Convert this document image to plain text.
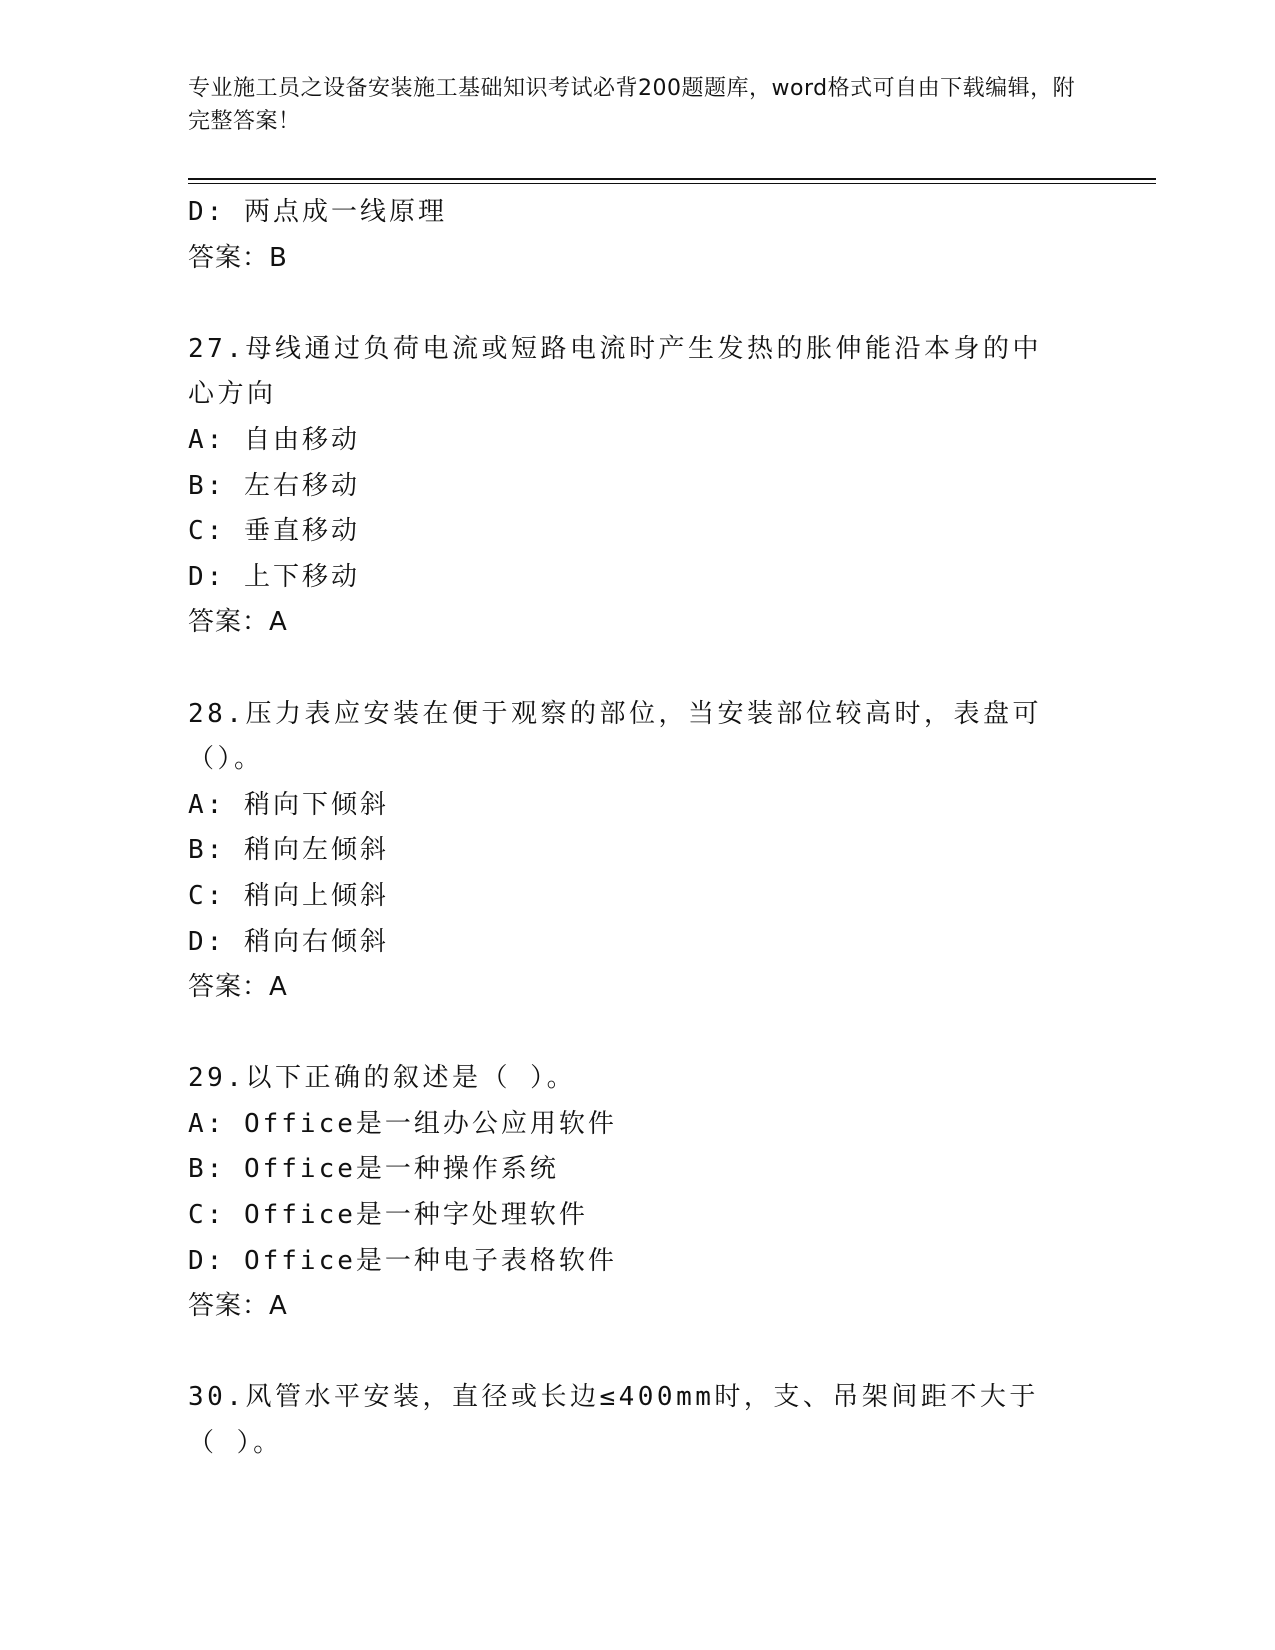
专业施工员之设备安装施工基础知识考试必背200题题库，word格式可自由下载编辑，附完整答案！
D: 两点成一线原理
答案：B
27.母线通过负荷电流或短路电流时产生发热的胀伸能沿本身的中心方向
A: 自由移动
B: 左右移动
C: 垂直移动
D: 上下移动
答案：A
28.压力表应安装在便于观察的部位，当安装部位较高时，表盘可（）。
A: 稍向下倾斜
B: 稍向左倾斜
C: 稍向上倾斜
D: 稍向右倾斜
答案：A
29.以下正确的叙述是（ ）。
A: Office是一组办公应用软件
B: Office是一种操作系统
C: Office是一种字处理软件
D: Office是一种电子表格软件
答案：A
30.风管水平安装，直径或长边≤400mm时，支、吊架间距不大于（ ）。
